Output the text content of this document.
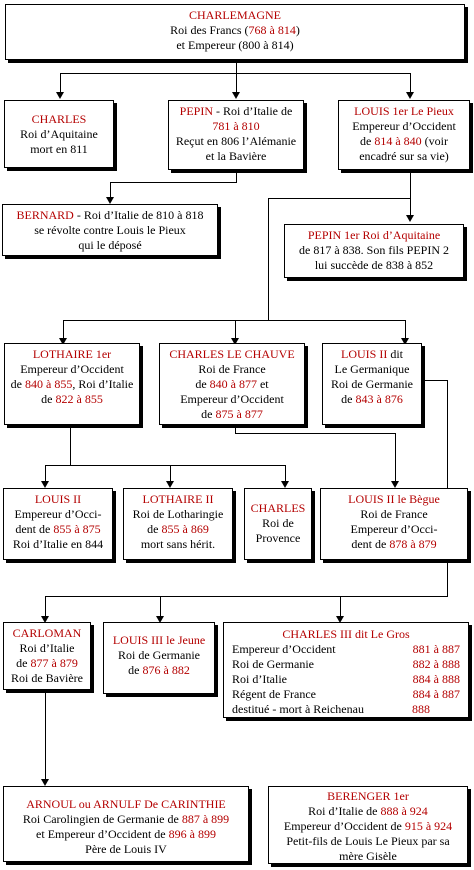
CHARLEMAGNE
Roi des Francs (768 à 814)
et Empereur (800 à 814)
CHARLES
Roi d’Aquitaine
mort en 811
PEPIN - Roi d’Italie de
781 à 810
Reçut en 806 l’Alémanie
et la Bavière
LOUIS 1er Le Pieux
Empereur d’Occident
de 814 à 840 (voir
encadré sur sa vie)
BERNARD - Roi d’Italie de 810 à 818
se révolte contre Louis le Pieux
qui le déposé
PEPIN 1er Roi d’Aquitaine
de 817 à 838. Son fils PEPIN 2
lui succède de 838 à 852
LOTHAIRE 1er
Empereur d’Occident
de 840 à 855, Roi d’Italie
de 822 à 855
CHARLES LE CHAUVE
Roi de France
de 840 à 877 et
Empereur d’Occident
de 875 à 877
LOUIS II dit
Le Germanique
Roi de Germanie
de 843 à 876
LOUIS II
Empereur d’Occi-
dent de 855 à 875
Roi d’Italie en 844
LOTHAIRE II
Roi de Lotharingie
de 855 à 869
mort sans hérit.
CHARLES
Roi de
Provence
LOUIS II le Bègue
Roi de France
Empereur d’Occi-
dent de 878 à 879
CARLOMAN
Roi d’Italie
de 877 à 879
Roi de Bavière
LOUIS III le Jeune
Roi de Germanie
de 876 à 882
CHARLES III dit Le Gros
Empereur d’Occident	881 à 887
Roi de Germanie	882 à 888
Roi d’Italie	884 à 888
Régent de France	884 à 887
destitué - mort à Reichenau	888
ARNOUL ou ARNULF De CARINTHIE
Roi Carolingien de Germanie de 887 à 899
et Empereur d’Occident de 896 à 899
Père de Louis IV
BERENGER 1er
Roi d’Italie de 888 à 924
Empereur d’Occident de 915 à 924
Petit-fils de Louis Le Pieux par sa
mère Gisèle
